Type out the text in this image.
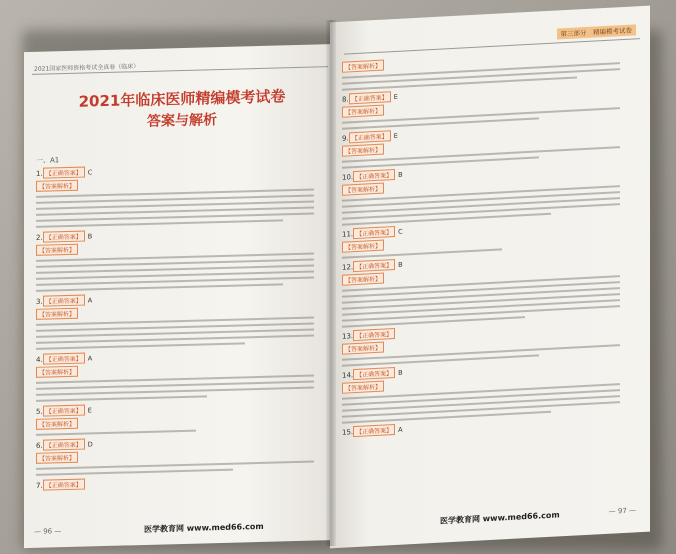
2021国家医师资格考试全真卷（临床）
2021年临床医师精编模考试卷
答案与解析
一、A1
1. 【正确答案】 C
【答案解析】
2. 【正确答案】 B
【答案解析】
3. 【正确答案】 A
【答案解析】
4. 【正确答案】 A
【答案解析】
5. 【正确答案】 E
【答案解析】
6. 【正确答案】 D
【答案解析】
7. 【正确答案】
— 96 —	医学教育网 www.med66.com
第三部分　精编模考试卷
【答案解析】
8. 【正确答案】 E
【答案解析】
9. 【正确答案】 E
【答案解析】
10. 【正确答案】 B
【答案解析】
11. 【正确答案】 C
【答案解析】
12. 【正确答案】 B
【答案解析】
13. 【正确答案】
【答案解析】
14. 【正确答案】 B
【答案解析】
15. 【正确答案】 A
医学教育网 www.med66.com	— 97 —
